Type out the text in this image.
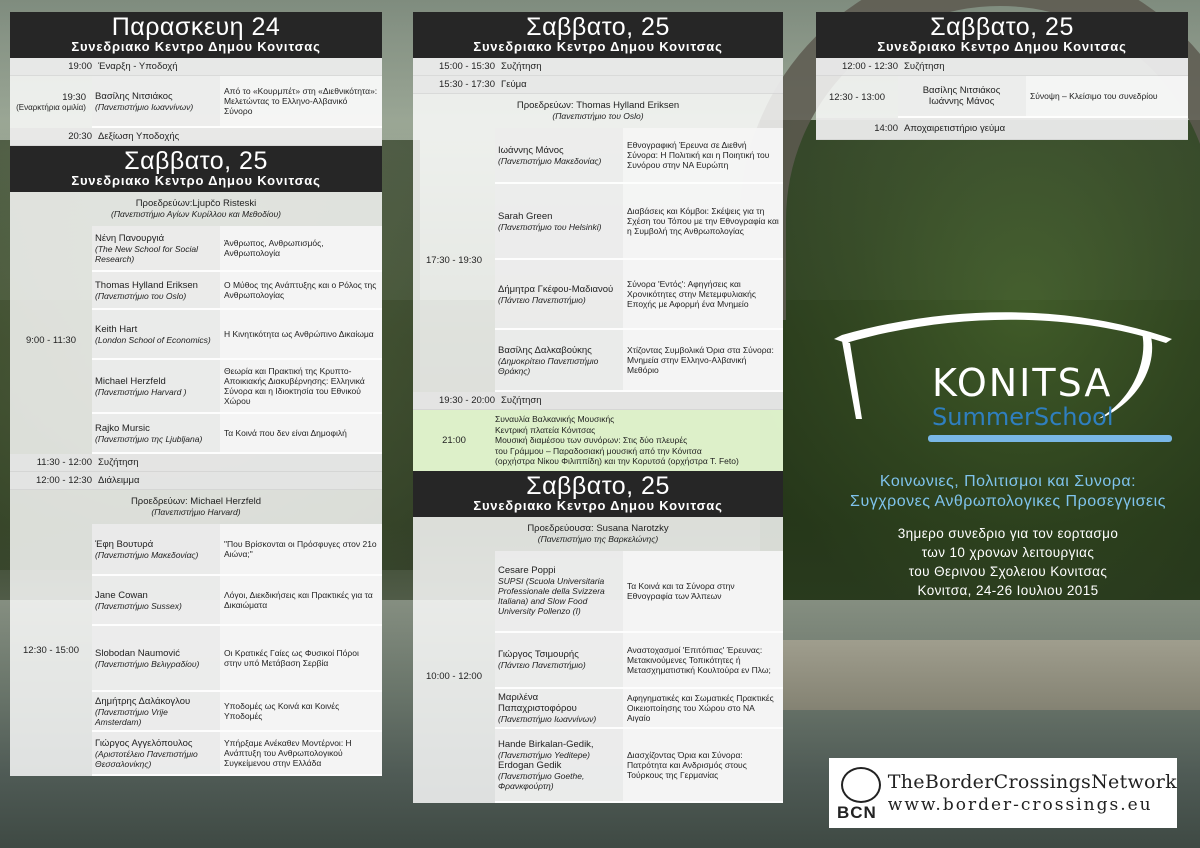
Παρασκευη 24
Συνεδριακο Κεντρο Δημου Κονιτσας
19:00 Έναρξη - Υποδοχή
19:30
(Εναρκτήρια ομιλία)
Βασίλης Νιτσιάκος
(Πανεπιστήμιο Ιωαννίνων)
Από το «Κουρμπέτ» στη «Διεθνικότητα»: Μελετώντας το Ελληνο-Αλβανικό Σύνορο
20:30 Δεξίωση Υποδοχής
Σαββατο, 25
Συνεδριακο Κεντρο Δημου Κονιτσας
Προεδρεύων:Ljupčo Risteski
(Πανεπιστήμιο Αγίων Κυρίλλου και Μεθοδίου)
9:00 - 11:30
Νένη Πανουργιά
(The New School for Social Research)
Άνθρωπος, Ανθρωπισμός, Ανθρωπολογία
Thomas Hylland Eriksen
(Πανεπιστήμιο του Oslo)
Ο Μύθος της Ανάπτυξης και ο Ρόλος της Ανθρωπολογίας
Keith Hart
(London School of Economics)
Η Κινητικότητα ως Ανθρώπινο Δικαίωμα
Michael Herzfeld
(Πανεπιστήμιο Harvard )
Θεωρία και Πρακτική της Κρυπτο-Αποικιακής Διακυβέρνησης: Ελληνικά Σύνορα και η Ιδιοκτησία του Εθνικού Χώρου
Rajko Mursic
(Πανεπιστήμιο της Ljubljana)
Τα Κοινά που δεν είναι Δημοφιλή
11:30 - 12:00 Συζήτηση
12:00 - 12:30 Διάλειμμα
Προεδρεύων: Michael Herzfeld
(Πανεπιστήμιο Harvard)
12:30 - 15:00
Έφη Βουτυρά
(Πανεπιστήμιο Μακεδονίας)
"Που Βρίσκονται οι Πρόσφυγες στον 21ο Αιώνα;"
Jane Cowan
(Πανεπιστήμιο Sussex)
Λόγοι, Διεκδικήσεις και Πρακτικές για τα Δικαιώματα
Slobodan Naumović
(Πανεπιστήμιο Βελιγραδίου)
Οι Κρατικές Γαίες ως Φυσικοί Πόροι στην υπό Μετάβαση Σερβία
Δημήτρης Δαλάκογλου
(Πανεπιστήμιο Vrije Amsterdam)
Υποδομές ως Κοινά και Κοινές Υποδομές
Γιώργος Αγγελόπουλος
(Αριστοτέλειο Πανεπιστήμιο Θεσσαλονίκης)
Υπήρξαμε Ανέκαθεν Μοντέρνοι: Η Ανάπτυξη του Ανθρωπολογικού Συγκείμενου στην Ελλάδα
Σαββατο, 25
Συνεδριακο Κεντρο Δημου Κονιτσας
15:00 - 15:30 Συζήτηση
15:30 - 17:30 Γεύμα
Προεδρεύων: Thomas Hylland Eriksen
(Πανεπιστήμιο του Oslo)
17:30 - 19:30
Ιωάννης Μάνος
(Πανεπιστήμιο Μακεδονίας)
Εθνογραφική Έρευνα σε Διεθνή Σύνορα: Η Πολιτική και η Ποιητική του Συνόρου στην ΝΑ Ευρώπη
Sarah Green
(Πανεπιστήμιο του Helsinki)
Διαβάσεις και Κόμβοι: Σκέψεις για τη Σχέση του Τόπου με την Εθνογραφία και η Συμβολή της Ανθρωπολογίας
Δήμητρα Γκέφου-Μαδιανού
(Πάντειο Πανεπιστήμιο)
Σύνορα 'Εντός': Αφηγήσεις και Χρονικότητες στην Μετεμφυλιακής Εποχής με Αφορμή ένα Μνημείο
Βασίλης Δαλκαβούκης
(Δημοκρίτειο Πανεπιστήμιο Θράκης)
Χτίζοντας Συμβολικά Όρια στα Σύνορα: Μνημεία στην Ελληνο-Αλβανική Μεθόριο
19:30 - 20:00 Συζήτηση
21:00
Συναυλία Βαλκανικής Μουσικής
Κεντρική πλατεία Κόνιτσας
Μουσική διαμέσου των συνόρων: Στις δύο πλευρές
του Γράμμου – Παραδοσιακή μουσική από την Κόνιτσα
(ορχήστρα Νίκου Φιλιππίδη) και την Κορυτσά (ορχήστρα Τ. Feto)
Σαββατο, 25
Συνεδριακο Κεντρο Δημου Κονιτσας
Προεδρεύουσα: Susana Narotzky
(Πανεπιστήμιο της Βαρκελώνης)
10:00 - 12:00
Cesare Poppi
SUPSI (Scuola Universitaria Professionale della Svizzera Italiana) and Slow Food University Pollenzo (I)
Τα Κοινά και τα Σύνορα στην Εθνογραφία των Άλπεων
Γιώργος Τσιμουρής
(Πάντειο Πανεπιστήμιο)
Αναστοχασμοί 'Επιτόπιας' Έρευνας: Μετακινούμενες Τοπικότητες ή Μετασχηματιστική Κουλτούρα εν Πλω;
Μαριλένα Παπαχριστοφόρου
(Πανεπιστήμιο Ιωαννίνων)
Αφηγηματικές και Σωματικές Πρακτικές Οικειοποίησης του Χώρου στο ΝΑ Αιγαίο
Hande Birkalan-Gedik,
(Πανεπιστήμιο Yeditepe)
Erdogan Gedik
(Πανεπιστήμιο Goethe, Φρανκφούρτη)
Διασχίζοντας Όρια και Σύνορα: Πατρότητα και Ανδρισμός στους Τούρκους της Γερμανίας
Σαββατο, 25
Συνεδριακο Κεντρο Δημου Κονιτσας
12:00 - 12:30 Συζήτηση
12:30 - 13:00
Βασίλης Νιτσιάκος
Ιωάννης Μάνος	Σύνοψη – Κλείσιμο του συνεδρίου
14:00 Αποχαιρετιστήριο γεύμα
KONITSA
SummerSchool
Κοινωνιες, Πολιτισμοι και Συνορα:
Συγχρονες Ανθρωπολογικες Προσεγγισεις
3ημερο συνεδριο για τον εορτασμο
των 10 χρονων λειτουργιας
του Θερινου Σχολειου Κονιτσας
Κονιτσα, 24-26 Ιουλιου 2015
BCN
TheBorderCrossingsNetwork
www.border-crossings.eu
